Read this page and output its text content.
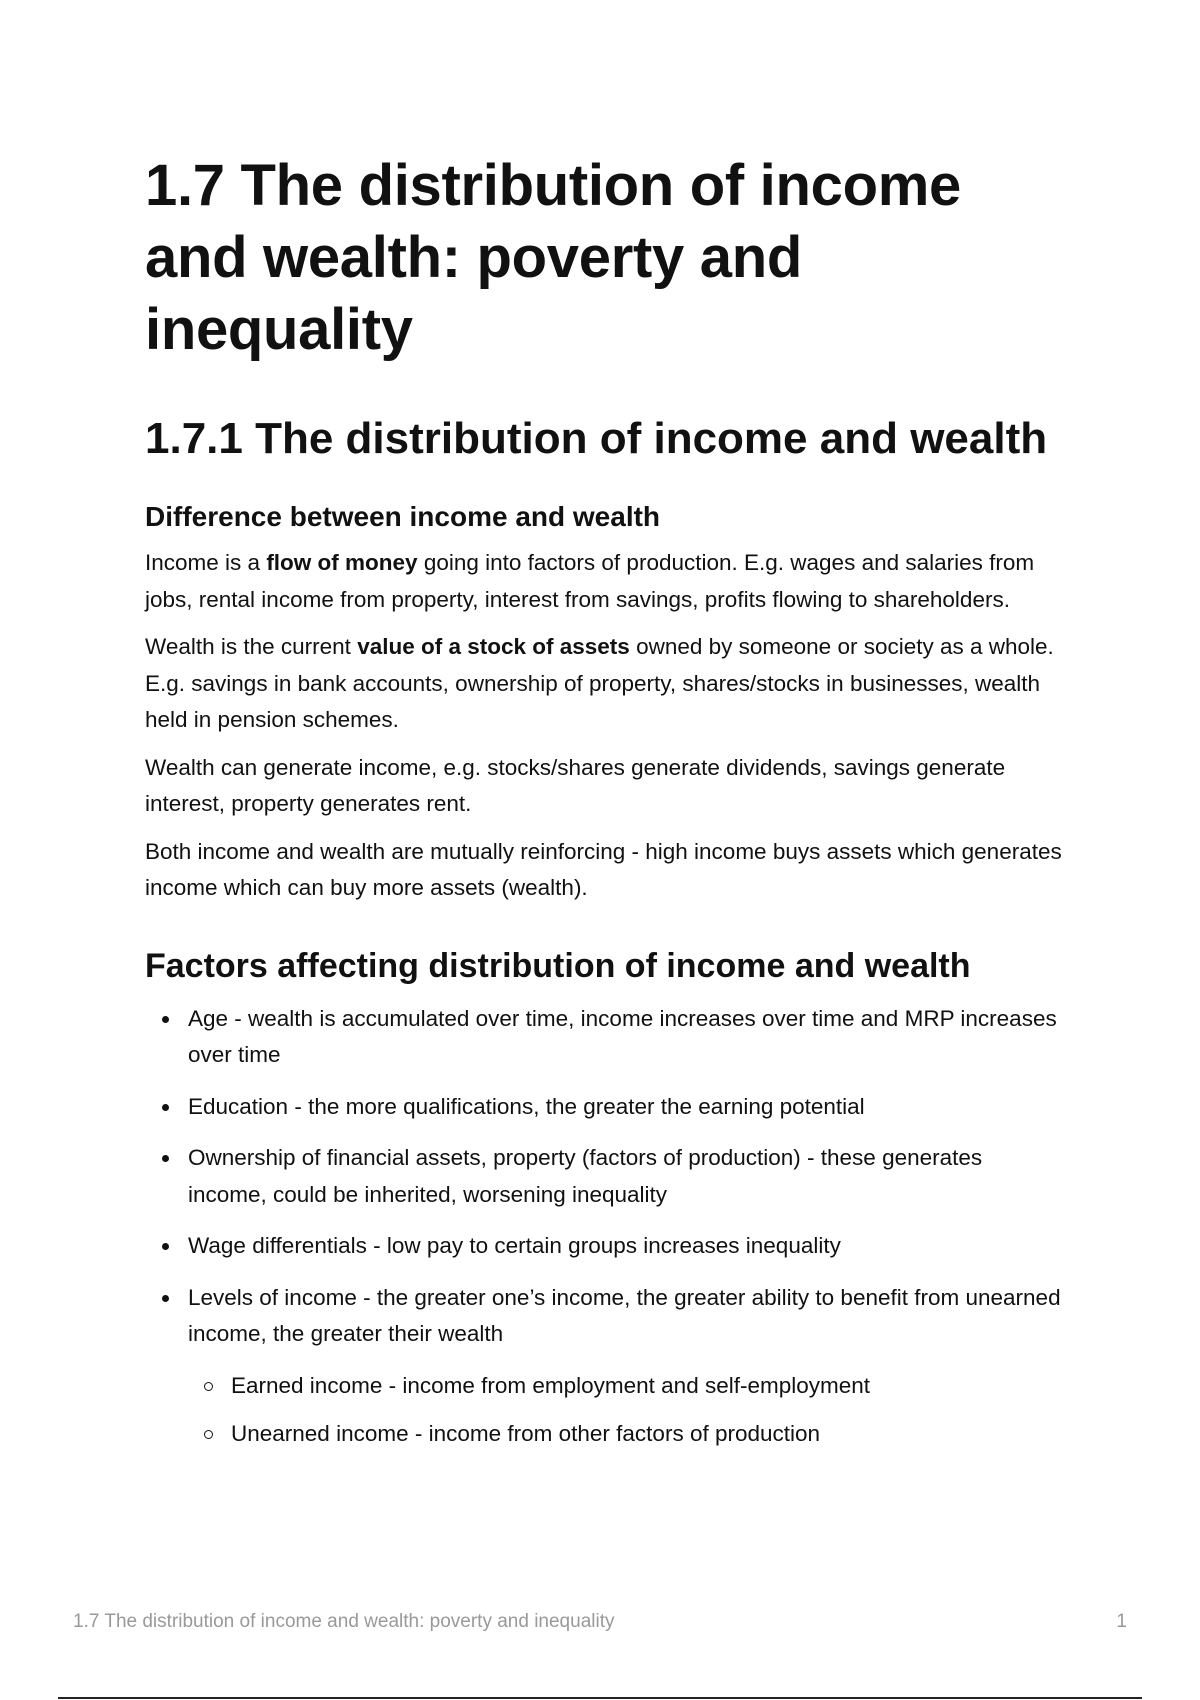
1.7 The distribution of income and wealth: poverty and inequality
1.7.1 The distribution of income and wealth
Difference between income and wealth

Income is a flow of money going into factors of production. E.g. wages and salaries from jobs, rental income from property, interest from savings, profits flowing to shareholders.

Wealth is the current value of a stock of assets owned by someone or society as a whole. E.g. savings in bank accounts, ownership of property, shares/stocks in businesses, wealth held in pension schemes.

Wealth can generate income, e.g. stocks/shares generate dividends, savings generate interest, property generates rent.

Both income and wealth are mutually reinforcing - high income buys assets which generates income which can buy more assets (wealth).

Factors affecting distribution of income and wealth
Age - wealth is accumulated over time, income increases over time and MRP increases over time
Education - the more qualifications, the greater the earning potential
Ownership of financial assets, property (factors of production) - these generates income, could be inherited, worsening inequality
Wage differentials - low pay to certain groups increases inequality
Levels of income - the greater one’s income, the greater ability to benefit from unearned income, the greater their wealth
Earned income - income from employment and self-employment
Unearned income - income from other factors of production
1.7 The distribution of income and wealth: poverty and inequality	1
